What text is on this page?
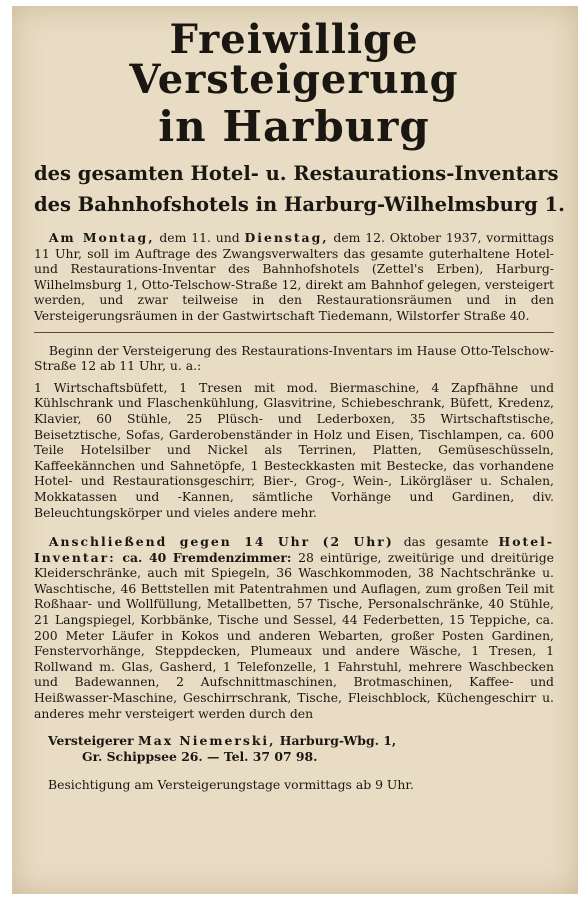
Freiwillige Versteigerung
in Harburg
des gesamten Hotel- u. Restaurations-Inventars
des Bahnhofshotels in Harburg-Wilhelmsburg 1.

Am Montag, dem 11. und Dienstag, dem 12. Oktober 1937, vormittags 11 Uhr, soll im Auftrage des Zwangsverwalters das gesamte guterhaltene Hotel- und Restaurations-Inventar des Bahnhofshotels (Zettel's Erben), Harburg-Wilhelmsburg 1, Otto-Telschow-Straße 12, direkt am Bahnhof gelegen, versteigert werden, und zwar teilweise in den Restaurationsräumen und in den Versteigerungsräumen in der Gastwirtschaft Tiedemann, Wilstorfer Straße 40.

Beginn der Versteigerung des Restaurations-Inventars im Hause Otto-Telschow-Straße 12 ab 11 Uhr, u. a.:

1 Wirtschaftsbüfett, 1 Tresen mit mod. Biermaschine, 4 Zapfhähne und Kühlschrank und Flaschenkühlung, Glasvitrine, Schiebeschrank, Büfett, Kredenz, Klavier, 60 Stühle, 25 Plüsch- und Lederboxen, 35 Wirtschaftstische, Beisetztische, Sofas, Garderobenständer in Holz und Eisen, Tischlampen, ca. 600 Teile Hotelsilber und Nickel als Terrinen, Platten, Gemüseschüsseln, Kaffeekännchen und Sahnetöpfe, 1 Besteckkasten mit Bestecke, das vorhandene Hotel- und Restaurationsgeschirr, Bier-, Grog-, Wein-, Likörgläser u. Schalen, Mokkatassen und -Kannen, sämtliche Vorhänge und Gardinen, div. Beleuchtungskörper und vieles andere mehr.

Anschließend gegen 14 Uhr (2 Uhr) das gesamte Hotel-Inventar: ca. 40 Fremdenzimmer: 28 eintürige, zweitürige und dreitürige Kleiderschränke, auch mit Spiegeln, 36 Waschkommoden, 38 Nachtschränke u. Waschtische, 46 Bettstellen mit Patentrahmen und Auflagen, zum großen Teil mit Roßhaar- und Wollfüllung, Metallbetten, 57 Tische, Personalschränke, 40 Stühle, 21 Langspiegel, Korbbänke, Tische und Sessel, 44 Federbetten, 15 Teppiche, ca. 200 Meter Läufer in Kokos und anderen Webarten, großer Posten Gardinen, Fenstervorhänge, Steppdecken, Plumeaux und andere Wäsche, 1 Tresen, 1 Rollwand m. Glas, Gasherd, 1 Telefonzelle, 1 Fahrstuhl, mehrere Waschbecken und Badewannen, 2 Aufschnittmaschinen, Brotmaschinen, Kaffee- und Heißwasser-Maschine, Geschirrschrank, Tische, Fleischblock, Küchengeschirr u. anderes mehr versteigert werden durch den

Versteigerer Max Niemerski, Harburg-Wbg. 1,
Gr. Schippsee 26. — Tel. 37 07 98.
Besichtigung am Versteigerungstage vormittags ab 9 Uhr.
